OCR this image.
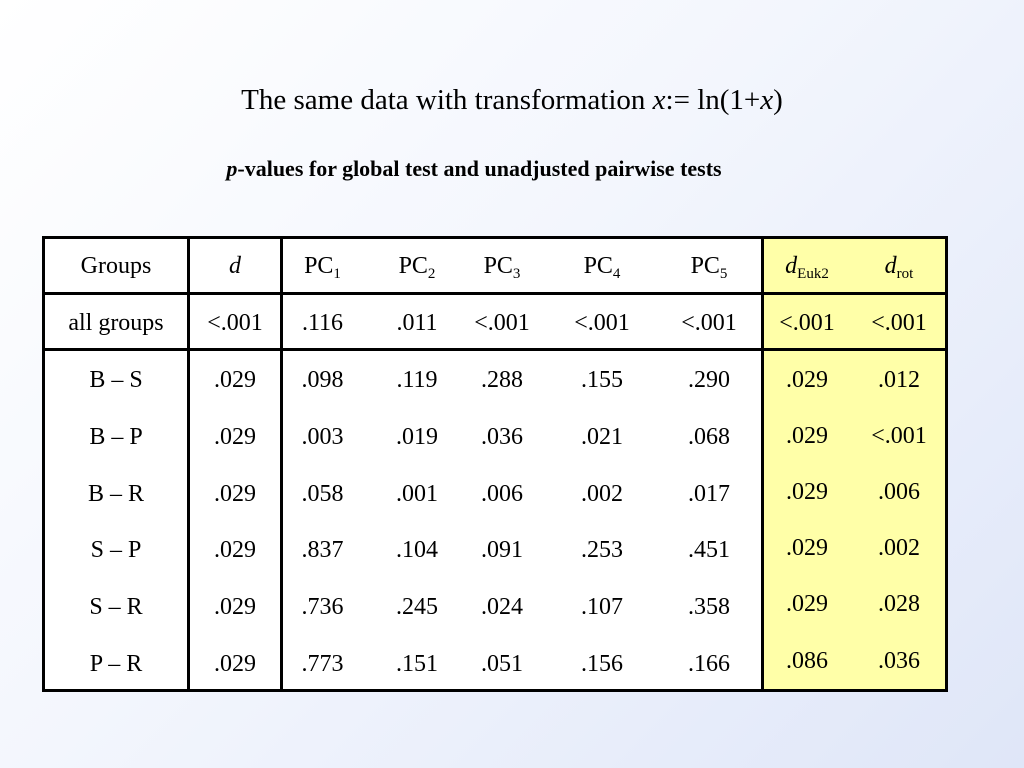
The same data with transformation x:= ln(1+x)
p-values for global test and unadjusted pairwise tests
Groups	d	$PC_1$	$PC_2$	$PC_3$	$PC_4$	$PC_5$	$d_{Euk2}$	$d_{rot}$
all groups	<.001	.116	.011	<.001	<.001	<.001	<.001	<.001
B – S	.029	.098	.119	.288	.155	.290	.029	.012
B – P	.029	.003	.019	.036	.021	.068	.029	<.001
B – R	.029	.058	.001	.006	.002	.017	.029	.006
S – P	.029	.837	.104	.091	.253	.451	.029	.002
S – R	.029	.736	.245	.024	.107	.358	.029	.028
P – R	.029	.773	.151	.051	.156	.166	.086	.036
